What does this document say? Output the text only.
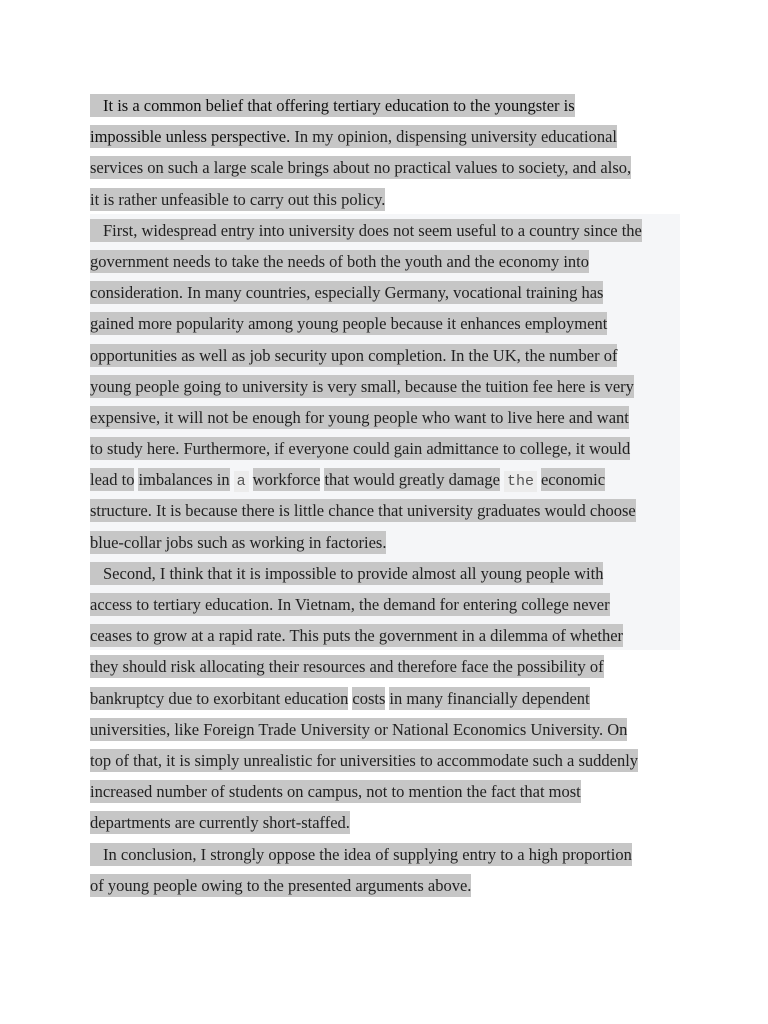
It is a common belief that offering tertiary education to the youngster is
impossible unless perspective. In my opinion, dispensing university educational
services on such a large scale brings about no practical values to society, and also,
it is rather unfeasible to carry out this policy.
First, widespread entry into university does not seem useful to a country since the
government needs to take the needs of both the youth and the economy into
consideration. In many countries, especially Germany, vocational training has
gained more popularity among young people because it enhances employment
opportunities as well as job security upon completion. In the UK, the number of
young people going to university is very small, because the tuition fee here is very
expensive, it will not be enough for young people who want to live here and want
to study here. Furthermore, if everyone could gain admittance to college, it would
lead to imbalances in a workforce that would greatly damage the economic
structure. It is because there is little chance that university graduates would choose
blue-collar jobs such as working in factories.
Second, I think that it is impossible to provide almost all young people with
access to tertiary education. In Vietnam, the demand for entering college never
ceases to grow at a rapid rate. This puts the government in a dilemma of whether
they should risk allocating their resources and therefore face the possibility of
bankruptcy due to exorbitant education costs in many financially dependent
universities, like Foreign Trade University or National Economics University. On
top of that, it is simply unrealistic for universities to accommodate such a suddenly
increased number of students on campus, not to mention the fact that most
departments are currently short-staffed.
In conclusion, I strongly oppose the idea of supplying entry to a high proportion
of young people owing to the presented arguments above.
